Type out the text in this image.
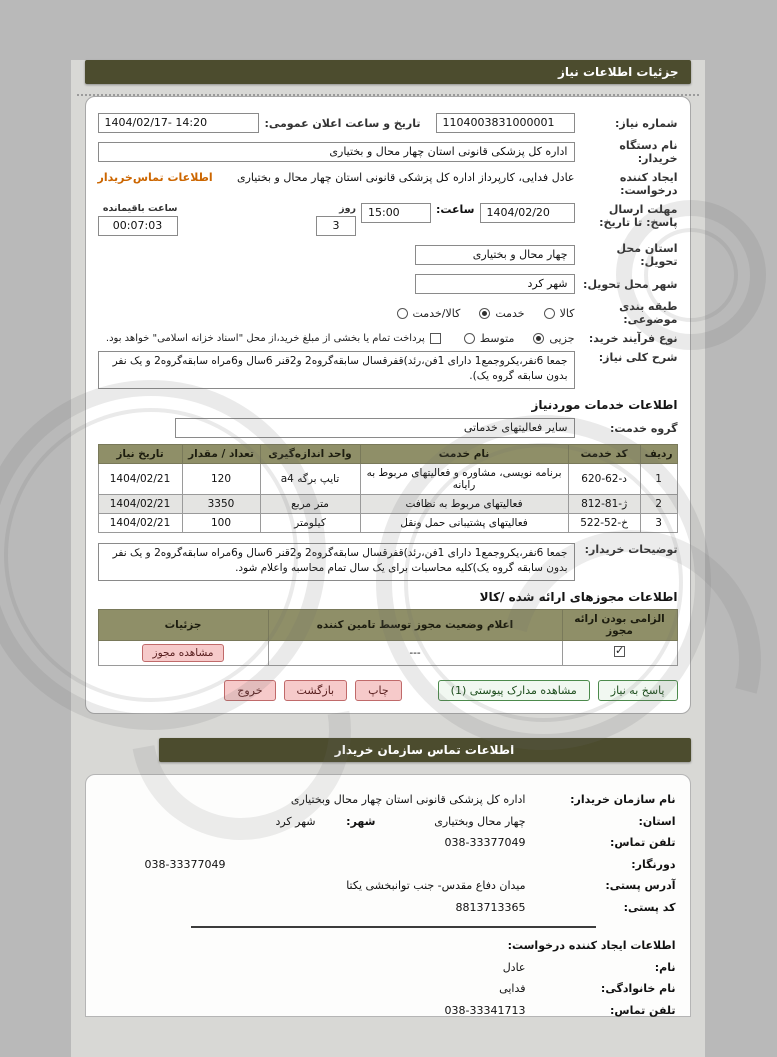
جزئیات اطلاعات نیاز
شماره نیاز:
1104003831000001
تاریخ و ساعت اعلان عمومی:
1404/02/17- 14:20
نام دستگاه خریدار:
اداره کل پزشکی قانونی استان چهار محال و بختیاری
ایجاد کننده درخواست:
عادل فدایی، کارپرداز اداره کل پزشکی قانونی استان چهار محال و بختیاری
اطلاعات تماس‌خریدار
مهلت ارسال پاسخ: تا تاریخ:
1404/02/20
ساعت:
15:00
روز
3
ساعت باقیمانده
00:07:03
استان محل تحویل:
چهار محال و بختیاری
شهر محل تحویل:
شهر کرد
طبقه بندی موضوعی:
کالا
خدمت
کالا/خدمت
نوع فرآیند خرید:
جزیی
متوسط
پرداخت تمام یا بخشی از مبلغ خرید،از محل "اسناد خزانه اسلامی" خواهد بود.
شرح کلی نیاز:
جمعا 6نفر،یکروجمع1 دارای 1فن،رئد)قفرقسال سابقه‌گروه2 و2قنر 6سال و6مراه سابقه‌گروه2 و یک نفر بدون سابقه گروه یک).
اطلاعات خدمات موردنیاز
گروه خدمت:
سایر فعالیتهای خدماتی
ردیف	کد خدمت	نام خدمت	واحد اندازه‌گیری	تعداد / مقدار	تاریخ نیاز
1	د-62-620	برنامه نویسی، مشاوره و فعالیتهای مربوط به رایانه	تایپ برگه a4	120	1404/02/21
2	ژ-81-812	فعالیتهای مربوط به نظافت	متر مربع	3350	1404/02/21
3	خ-52-522	فعالیتهای پشتیبانی حمل ونقل	کیلومتر	100	1404/02/21
توضیحات خریدار:
جمعا 6نفر،یکروجمع1 دارای 1فن،رئد)قفرقسال سابقه‌گروه2 و2قنر 6سال و6مراه سابقه‌گروه2 و یک نفر بدون سابقه گروه یک)کلیه محاسبات برای یک سال تمام محاسبه واعلام شود.
اطلاعات مجوزهای ارائه شده /کالا
الزامی بودن ارائه مجوز	اعلام وضعیت مجوز توسط تامین کننده	جزئیات
✓	---	مشاهده مجوز
پاسخ به نیاز
مشاهده مدارک پیوستی (1)
چاپ
بازگشت
خروج
اطلاعات تماس سازمان خریدار
نام سازمان خریدار:
اداره کل پزشکی قانونی استان چهار محال وبختیاری
استان:
چهار محال وبختیاری
شهر:
شهر کرد
تلفن تماس:
038-33377049
دورنگار:
038-33377049
آدرس پستی:
میدان دفاع مقدس- جنب توانبخشی یکتا
کد پستی:
8813713365
اطلاعات ایجاد کننده درخواست:
نام:
عادل
نام خانوادگی:
فدایی
تلفن تماس:
038-33341713
